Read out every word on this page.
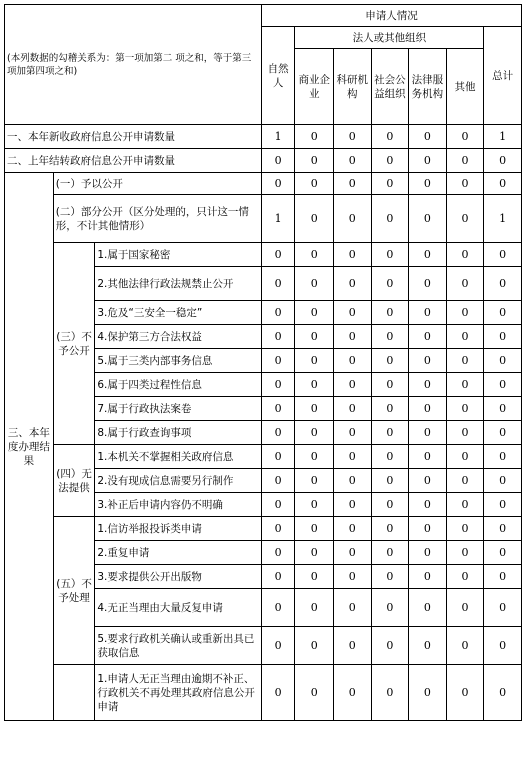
(本列数据的勾稽关系为：第一项加第二 项之和，等于第三项加第四项之和)			申请人情况						
			自然人	法人或其他组织					总计
				商业企业	科研机构	社会公益组织	法律服务机构	其他	
一、本年新收政府信息公开申请数量			1	0	0	0	0	0	1
二、上年结转政府信息公开申请数量			0	0	0	0	0	0	0
三、本年度办理结果	(一）予以公开		0	0	0	0	0	0	0
	(二）部分公开（区分处理的，只计这一情形，不计其他情形）		1	0	0	0	0	0	1
	(三）不予公开	1.属于国家秘密	0	0	0	0	0	0	0
		2.其他法律行政法规禁止公开	0	0	0	0	0	0	0
		3.危及“三安全一稳定”	0	0	0	0	0	0	0
		4.保护第三方合法权益	0	0	0	0	0	0	0
		5.属于三类内部事务信息	0	0	0	0	0	0	0
		6.属于四类过程性信息	0	0	0	0	0	0	0
		7.属于行政执法案卷	0	0	0	0	0	0	0
		8.属于行政查询事项	0	0	0	0	0	0	0
	(四）无法提供	1.本机关不掌握相关政府信息	0	0	0	0	0	0	0
		2.没有现成信息需要另行制作	0	0	0	0	0	0	0
		3.补正后申请内容仍不明确	0	0	0	0	0	0	0
	(五）不予处理	1.信访举报投诉类申请	0	0	0	0	0	0	0
		2.重复申请	0	0	0	0	0	0	0
		3.要求提供公开出版物	0	0	0	0	0	0	0
		4.无正当理由大量反复申请	0	0	0	0	0	0	0
		5.要求行政机关确认或重新出具已获取信息	0	0	0	0	0	0	0
		1.申请人无正当理由逾期不补正、行政机关不再处理其政府信息公开申请	0	0	0	0	0	0	0
